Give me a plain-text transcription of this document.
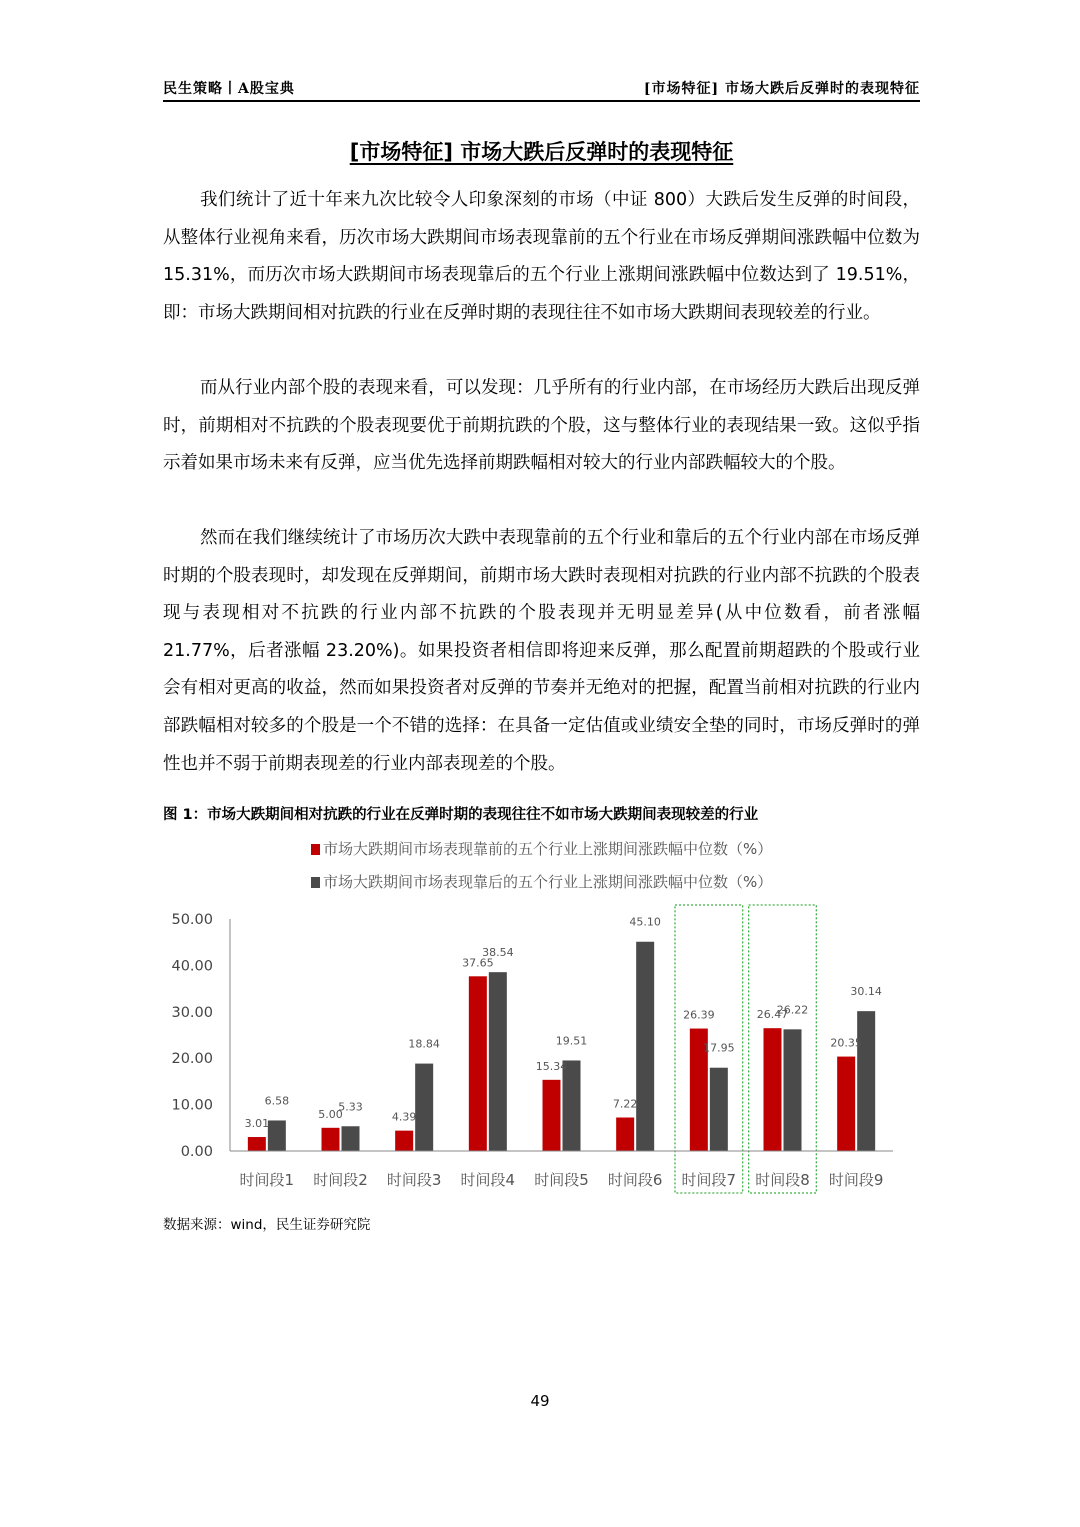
民生策略丨A股宝典	[市场特征] 市场大跌后反弹时的表现特征
[市场特征] 市场大跌后反弹时的表现特征

我们统计了近十年来九次比较令人印象深刻的市场（中证 800）大跌后发生反弹的时间段，从整体行业视角来看，历次市场大跌期间市场表现靠前的五个行业在市场反弹期间涨跌幅中位数为 15.31%，而历次市场大跌期间市场表现靠后的五个行业上涨期间涨跌幅中位数达到了 19.51%，即：市场大跌期间相对抗跌的行业在反弹时期的表现往往不如市场大跌期间表现较差的行业。

而从行业内部个股的表现来看，可以发现：几乎所有的行业内部，在市场经历大跌后出现反弹时，前期相对不抗跌的个股表现要优于前期抗跌的个股，这与整体行业的表现结果一致。这似乎指示着如果市场未来有反弹，应当优先选择前期跌幅相对较大的行业内部跌幅较大的个股。

然而在我们继续统计了市场历次大跌中表现靠前的五个行业和靠后的五个行业内部在市场反弹时期的个股表现时，却发现在反弹期间，前期市场大跌时表现相对抗跌的行业内部不抗跌的个股表现与表现相对不抗跌的行业内部不抗跌的个股表现并无明显差异(从中位数看，前者涨幅 21.77%，后者涨幅 23.20%)。如果投资者相信即将迎来反弹，那么配置前期超跌的个股或行业会有相对更高的收益，然而如果投资者对反弹的节奏并无绝对的把握，配置当前相对抗跌的行业内部跌幅相对较多的个股是一个不错的选择：在具备一定估值或业绩安全垫的同时，市场反弹时的弹性也并不弱于前期表现差的行业内部表现差的个股。

图 1：市场大跌期间相对抗跌的行业在反弹时期的表现往往不如市场大跌期间表现较差的行业
市场大跌期间市场表现靠前的五个行业上涨期间涨跌幅中位数（%）
市场大跌期间市场表现靠后的五个行业上涨期间涨跌幅中位数（%）
0.00
10.00
20.00
30.00
40.00
50.00
3.01
6.58
5.00
5.33
4.39
18.84
37.65
38.54
15.34
19.51
7.22
45.10
26.39
17.95
26.47
26.22
20.35
30.14
时间段1 时间段2 时间段3 时间段4 时间段5 时间段6 时间段7 时间段8 时间段9
数据来源：wind，民生证券研究院
49
